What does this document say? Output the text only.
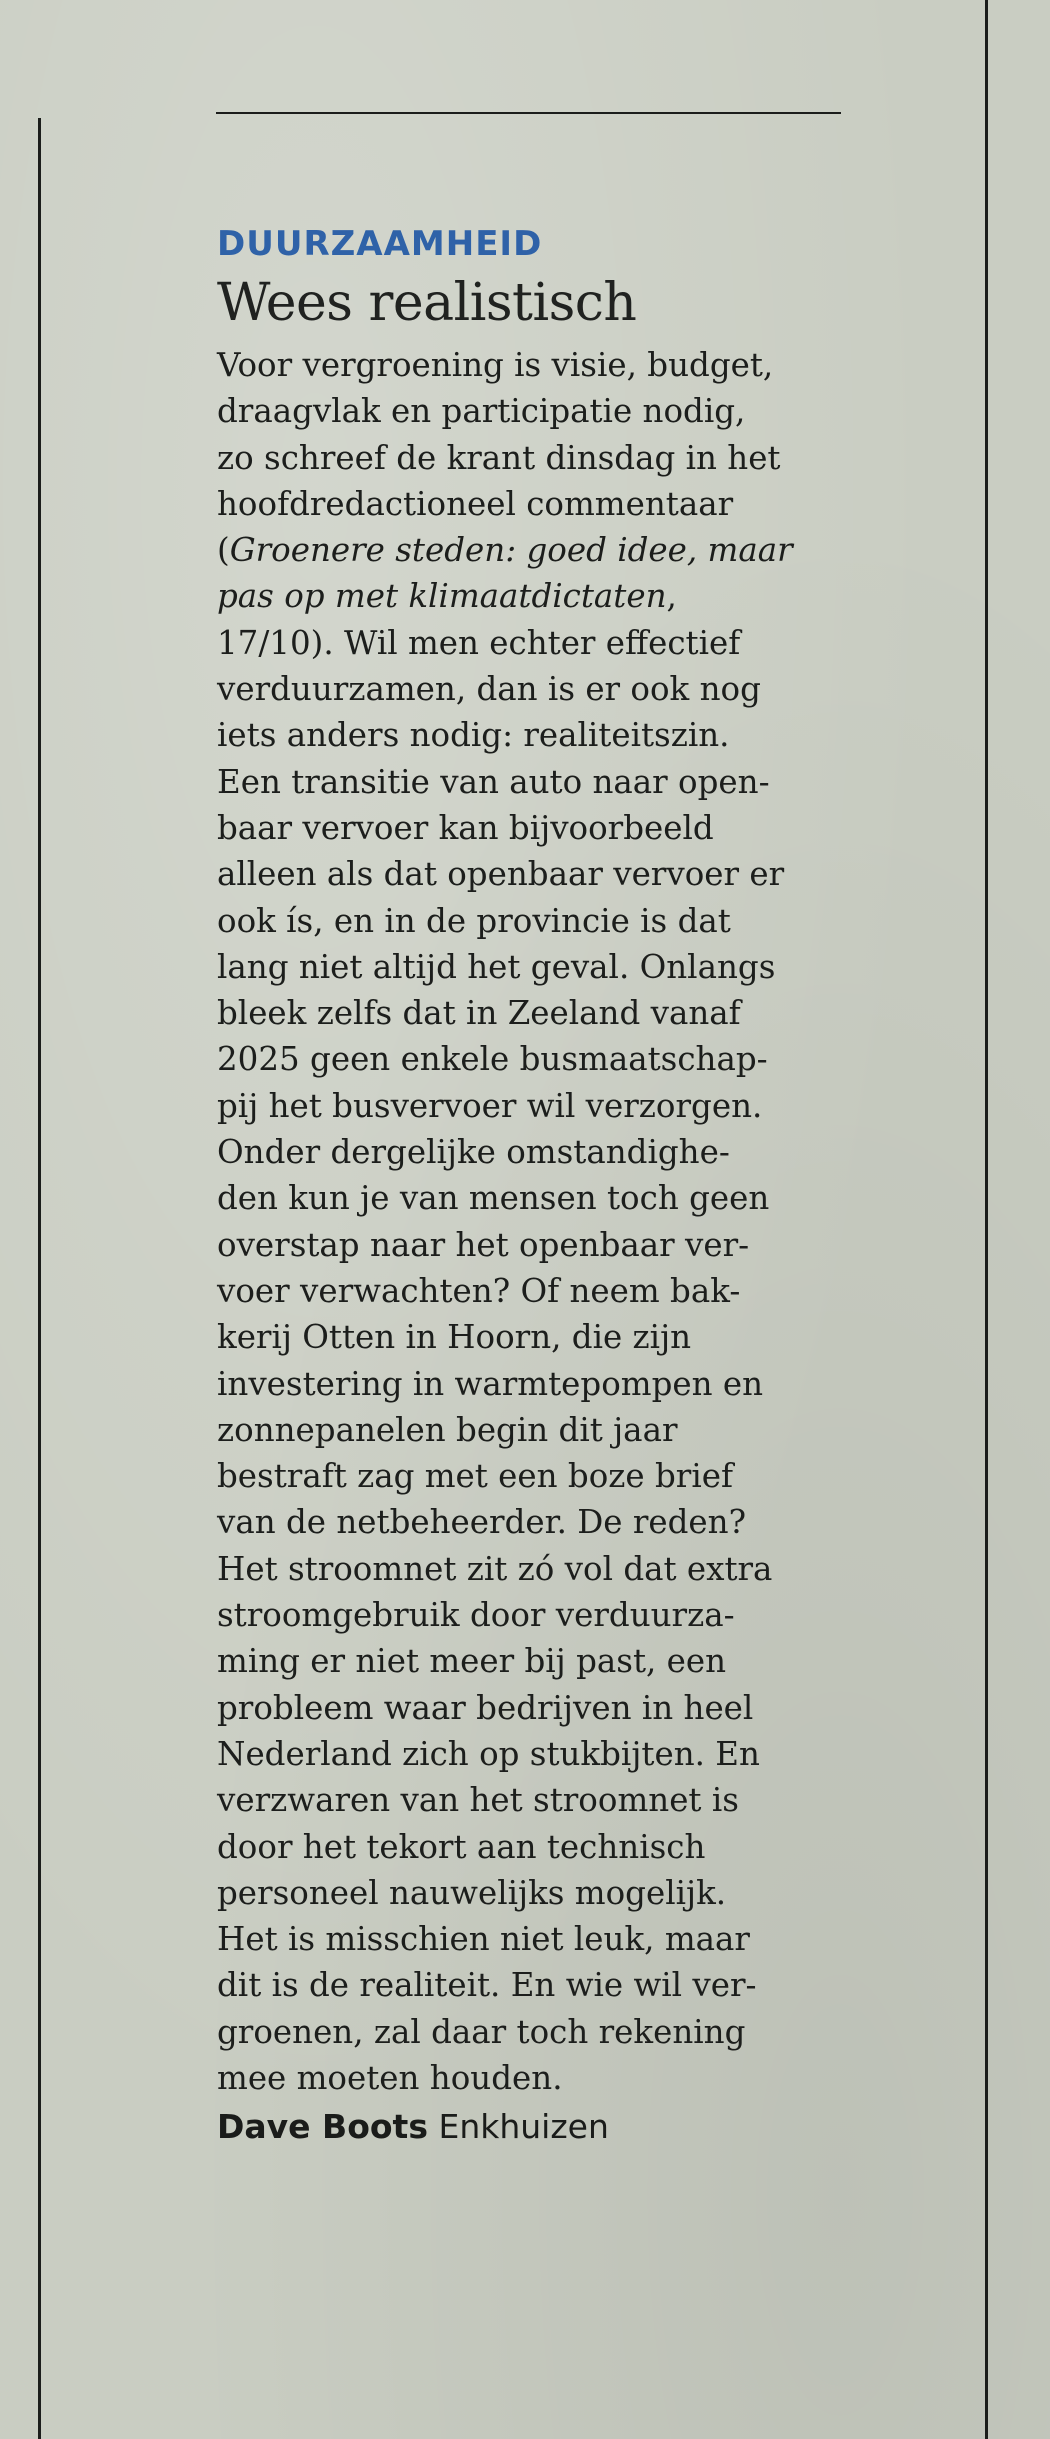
DUURZAAMHEID

Wees realistisch
Voor vergroening is visie, budget,
draagvlak en participatie nodig,
zo schreef de krant dinsdag in het
hoofdredactioneel commentaar
(Groenere steden: goed idee, maar
pas op met klimaatdictaten,
17/10). Wil men echter effectief
verduurzamen, dan is er ook nog
iets anders nodig: realiteitszin.
Een transitie van auto naar open-
baar vervoer kan bijvoorbeeld
alleen als dat openbaar vervoer er
ook ís, en in de provincie is dat
lang niet altijd het geval. Onlangs
bleek zelfs dat in Zeeland vanaf
2025 geen enkele busmaatschap-
pij het busvervoer wil verzorgen.
Onder dergelijke omstandighe-
den kun je van mensen toch geen
overstap naar het openbaar ver-
voer verwachten? Of neem bak-
kerij Otten in Hoorn, die zijn
investering in warmtepompen en
zonnepanelen begin dit jaar
bestraft zag met een boze brief
van de netbeheerder. De reden?
Het stroomnet zit zó vol dat extra
stroomgebruik door verduurza-
ming er niet meer bij past, een
probleem waar bedrijven in heel
Nederland zich op stukbijten. En
verzwaren van het stroomnet is
door het tekort aan technisch
personeel nauwelijks mogelijk.
Het is misschien niet leuk, maar
dit is de realiteit. En wie wil ver-
groenen, zal daar toch rekening
mee moeten houden.
Dave Boots Enkhuizen
